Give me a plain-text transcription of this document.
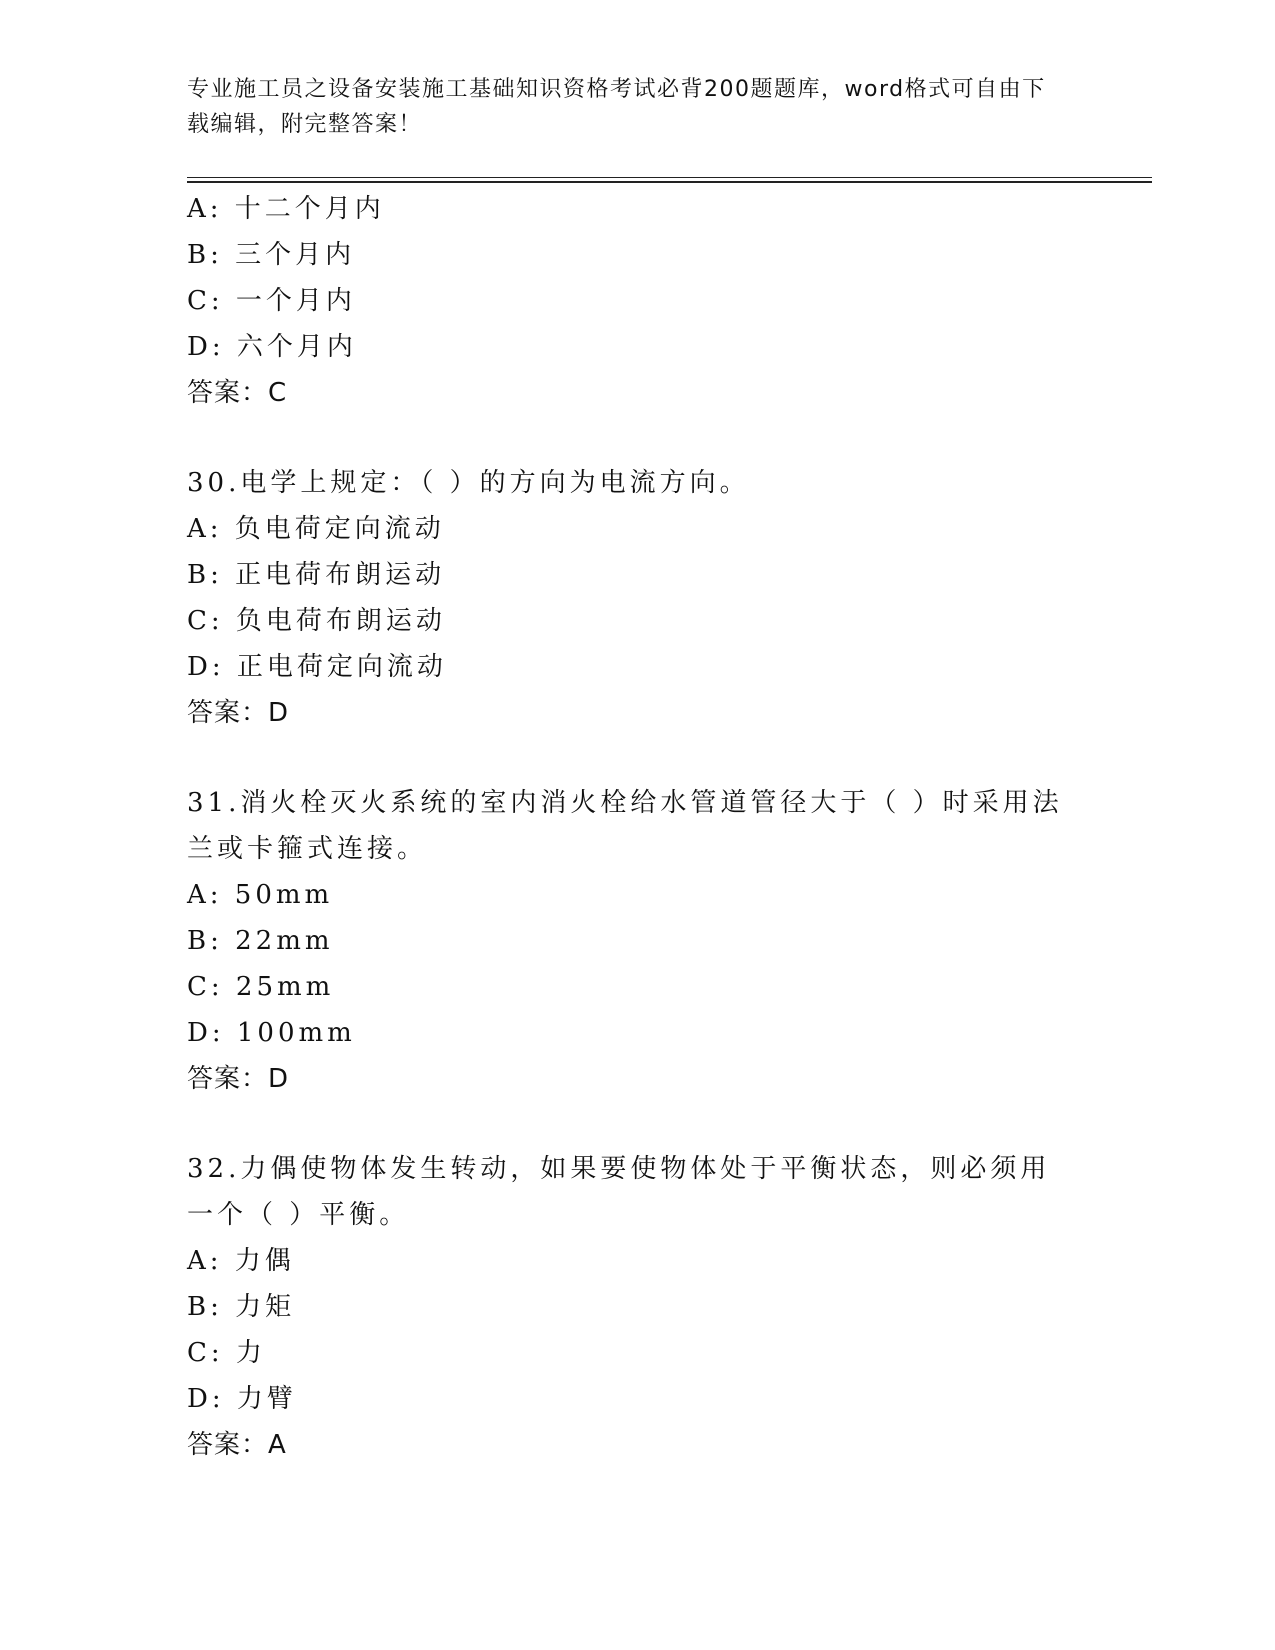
专业施工员之设备安装施工基础知识资格考试必背200题题库，word格式可自由下载编辑，附完整答案！
A: 十二个月内
B: 三个月内
C: 一个月内
D: 六个月内
答案：C
30.电学上规定：（ ）的方向为电流方向。
A: 负电荷定向流动
B: 正电荷布朗运动
C: 负电荷布朗运动
D: 正电荷定向流动
答案：D
31.消火栓灭火系统的室内消火栓给水管道管径大于（ ）时采用法兰或卡箍式连接。
A: 50mm
B: 22mm
C: 25mm
D: 100mm
答案：D
32.力偶使物体发生转动，如果要使物体处于平衡状态，则必须用一个（ ）平衡。
A: 力偶
B: 力矩
C: 力
D: 力臂
答案：A
